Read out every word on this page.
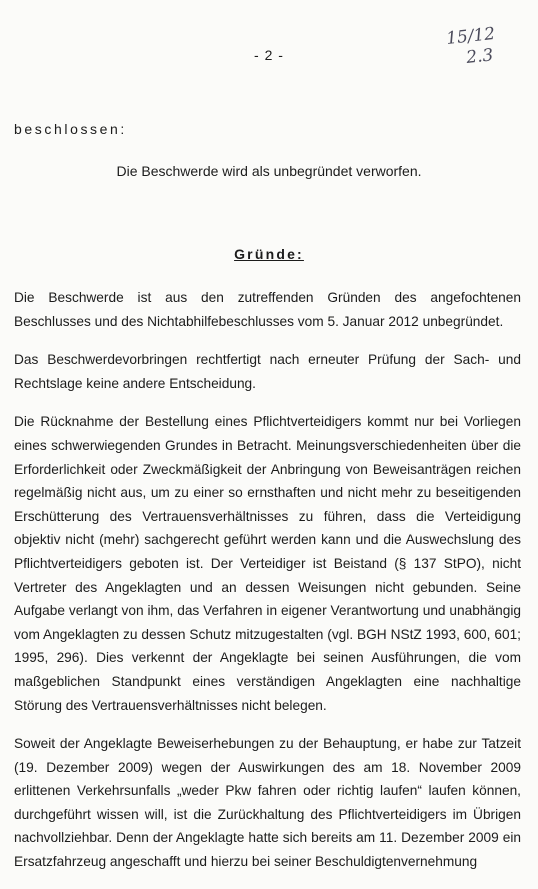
- 2 -
15/12

2.3
beschlossen:
Die Beschwerde wird als unbegründet verworfen.
Gründe:

Die Beschwerde ist aus den zutreffenden Gründen des angefochtenen Beschlusses und des Nichtabhilfebeschlusses vom 5. Januar 2012 unbegründet.

Das Beschwerdevorbringen rechtfertigt nach erneuter Prüfung der Sach- und Rechtslage keine andere Entscheidung.

Die Rücknahme der Bestellung eines Pflichtverteidigers kommt nur bei Vorliegen eines schwerwiegenden Grundes in Betracht. Meinungsverschiedenheiten über die Erforderlichkeit oder Zweckmäßigkeit der Anbringung von Beweisanträgen reichen regelmäßig nicht aus, um zu einer so ernsthaften und nicht mehr zu beseitigenden Erschütterung des Vertrauensverhältnisses zu führen, dass die Verteidigung objektiv nicht (mehr) sachgerecht geführt werden kann und die Auswechslung des Pflichtverteidigers geboten ist. Der Verteidiger ist Beistand (§ 137 StPO), nicht Vertreter des Angeklagten und an dessen Weisungen nicht gebunden. Seine Aufgabe verlangt von ihm, das Verfahren in eigener Verantwortung und unabhängig vom Angeklagten zu dessen Schutz mitzugestalten (vgl. BGH NStZ 1993, 600, 601; 1995, 296). Dies verkennt der Angeklagte bei seinen Ausführungen, die vom maßgeblichen Standpunkt eines verständigen Angeklagten eine nachhaltige Störung des Vertrauensverhältnisses nicht belegen.

Soweit der Angeklagte Beweiserhebungen zu der Behauptung, er habe zur Tatzeit (19. Dezember 2009) wegen der Auswirkungen des am 18. November 2009 erlittenen Verkehrsunfalls „weder Pkw fahren oder richtig laufen“ laufen können, durchgeführt wissen will, ist die Zurückhaltung des Pflichtverteidigers im Übrigen nachvollziehbar. Denn der Angeklagte hatte sich bereits am 11. Dezember 2009 ein Ersatzfahrzeug angeschafft und hierzu bei seiner Beschuldigtenvernehmung
